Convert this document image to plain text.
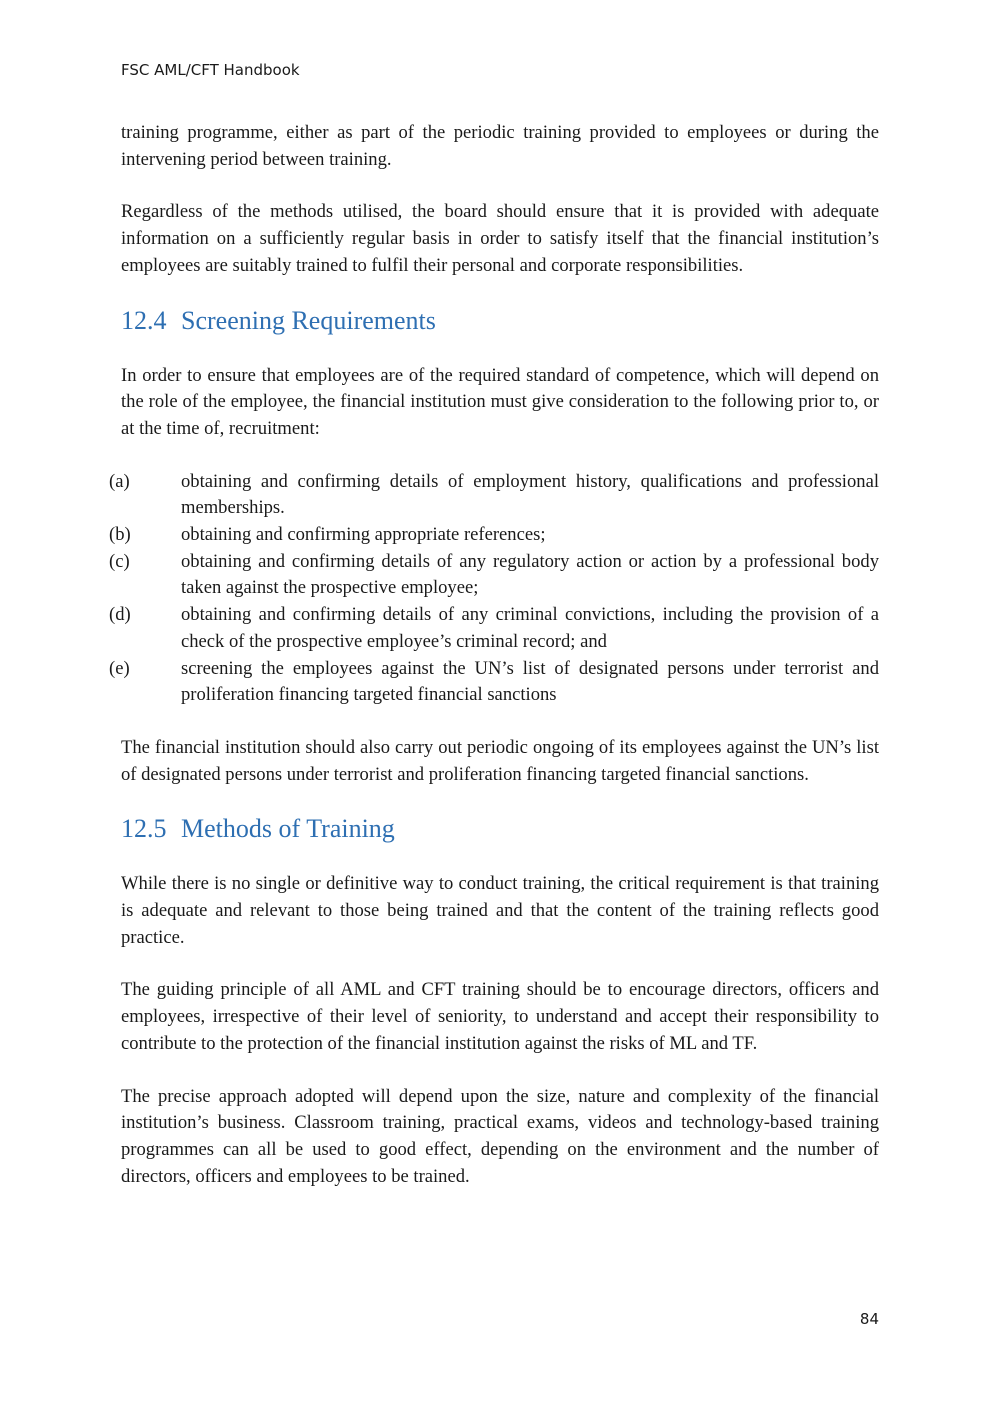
FSC AML/CFT Handbook

training programme, either as part of the periodic training provided to employees or during the intervening period between training.

Regardless of the methods utilised, the board should ensure that it is provided with adequate information on a sufficiently regular basis in order to satisfy itself that the financial institution’s employees are suitably trained to fulfil their personal and corporate responsibilities.

12.4 Screening Requirements

In order to ensure that employees are of the required standard of competence, which will depend on the role of the employee, the financial institution must give consideration to the following prior to, or at the time of, recruitment:

(a)	obtaining and confirming details of employment history, qualifications and professional memberships.
(b)	obtaining and confirming appropriate references;
(c)	obtaining and confirming details of any regulatory action or action by a professional body taken against the prospective employee;
(d)	obtaining and confirming details of any criminal convictions, including the provision of a check of the prospective employee’s criminal record; and
(e)	screening the employees against the UN’s list of designated persons under terrorist and proliferation financing targeted financial sanctions

The financial institution should also carry out periodic ongoing of its employees against the UN’s list of designated persons under terrorist and proliferation financing targeted financial sanctions.

12.5 Methods of Training

While there is no single or definitive way to conduct training, the critical requirement is that training is adequate and relevant to those being trained and that the content of the training reflects good practice.

The guiding principle of all AML and CFT training should be to encourage directors, officers and employees, irrespective of their level of seniority, to understand and accept their responsibility to contribute to the protection of the financial institution against the risks of ML and TF.

The precise approach adopted will depend upon the size, nature and complexity of the financial institution’s business. Classroom training, practical exams, videos and technology-based training programmes can all be used to good effect, depending on the environment and the number of directors, officers and employees to be trained.

84
